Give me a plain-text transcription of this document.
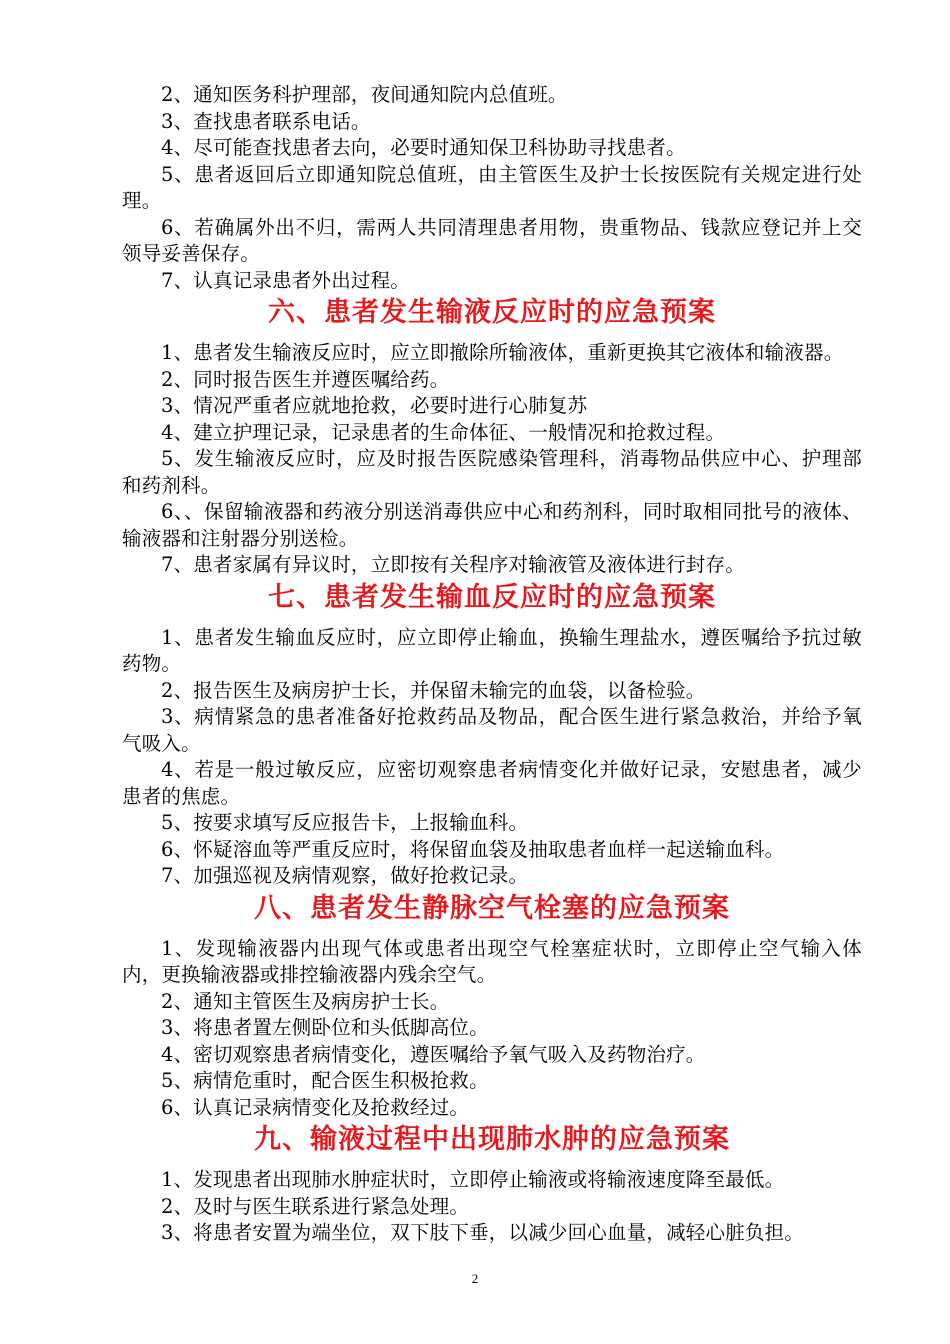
2、通知医务科护理部，夜间通知院内总值班。

3、查找患者联系电话。

4、尽可能查找患者去向，必要时通知保卫科协助寻找患者。

5、患者返回后立即通知院总值班，由主管医生及护士长按医院有关规定进行处理。

6、若确属外出不归，需两人共同清理患者用物，贵重物品、钱款应登记并上交领导妥善保存。

7、认真记录患者外出过程。

六、患者发生输液反应时的应急预案

1、患者发生输液反应时，应立即撤除所输液体，重新更换其它液体和输液器。

2、同时报告医生并遵医嘱给药。

3、情况严重者应就地抢救，必要时进行心肺复苏

4、建立护理记录，记录患者的生命体征、一般情况和抢救过程。

5、发生输液反应时，应及时报告医院感染管理科，消毒物品供应中心、护理部和药剂科。

6、、保留输液器和药液分别送消毒供应中心和药剂科，同时取相同批号的液体、输液器和注射器分别送检。

7、患者家属有异议时，立即按有关程序对输液管及液体进行封存。

七、患者发生输血反应时的应急预案

1、患者发生输血反应时，应立即停止输血，换输生理盐水，遵医嘱给予抗过敏药物。

2、报告医生及病房护士长，并保留未输完的血袋，以备检验。

3、病情紧急的患者准备好抢救药品及物品，配合医生进行紧急救治，并给予氧气吸入。

4、若是一般过敏反应，应密切观察患者病情变化并做好记录，安慰患者，减少患者的焦虑。

5、按要求填写反应报告卡，上报输血科。

6、怀疑溶血等严重反应时，将保留血袋及抽取患者血样一起送输血科。

7、加强巡视及病情观察，做好抢救记录。

八、患者发生静脉空气栓塞的应急预案

1、发现输液器内出现气体或患者出现空气栓塞症状时，立即停止空气输入体内，更换输液器或排控输液器内残余空气。

2、通知主管医生及病房护士长。

3、将患者置左侧卧位和头低脚高位。

4、密切观察患者病情变化，遵医嘱给予氧气吸入及药物治疗。

5、病情危重时，配合医生积极抢救。

6、认真记录病情变化及抢救经过。

九、输液过程中出现肺水肿的应急预案

1、发现患者出现肺水肿症状时，立即停止输液或将输液速度降至最低。

2、及时与医生联系进行紧急处理。

3、将患者安置为端坐位，双下肢下垂，以减少回心血量，减轻心脏负担。

2
